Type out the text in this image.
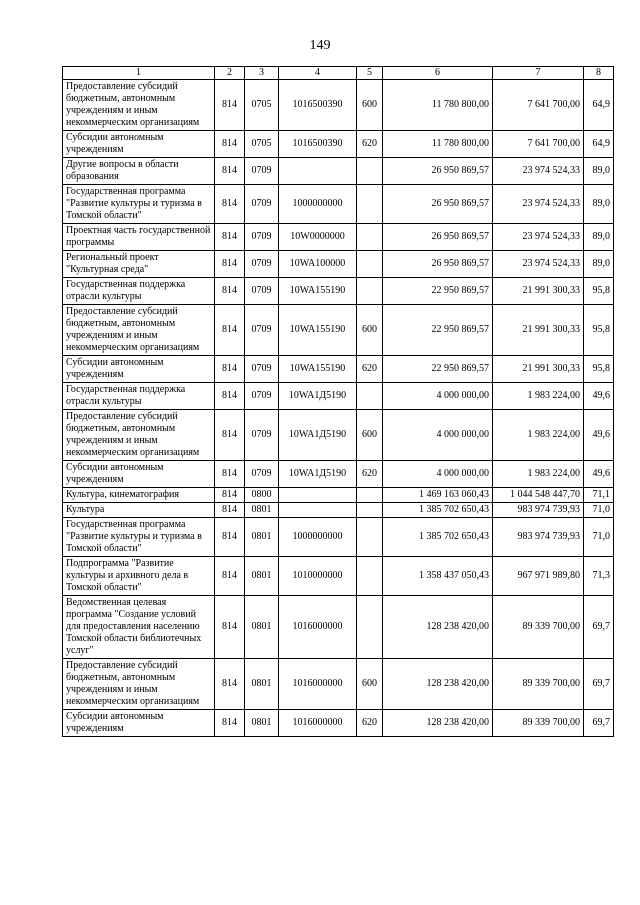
149
1	2	3	4	5	6	7	8
Предоставление субсидий бюджетным, автономным учреждениям и иным некоммерческим организациям	814	0705	1016500390	600	11 780 800,00	7 641 700,00	64,9
Субсидии автономным учреждениям	814	0705	1016500390	620	11 780 800,00	7 641 700,00	64,9
Другие вопросы в области образования	814	0709			26 950 869,57	23 974 524,33	89,0
Государственная программа "Развитие культуры и туризма в Томской области"	814	0709	1000000000		26 950 869,57	23 974 524,33	89,0
Проектная часть государственной программы	814	0709	10W0000000		26 950 869,57	23 974 524,33	89,0
Региональный проект "Культурная среда"	814	0709	10WA100000		26 950 869,57	23 974 524,33	89,0
Государственная поддержка отрасли культуры	814	0709	10WA155190		22 950 869,57	21 991 300,33	95,8
Предоставление субсидий бюджетным, автономным учреждениям и иным некоммерческим организациям	814	0709	10WA155190	600	22 950 869,57	21 991 300,33	95,8
Субсидии автономным учреждениям	814	0709	10WA155190	620	22 950 869,57	21 991 300,33	95,8
Государственная поддержка отрасли культуры	814	0709	10WA1Д5190		4 000 000,00	1 983 224,00	49,6
Предоставление субсидий бюджетным, автономным учреждениям и иным некоммерческим организациям	814	0709	10WA1Д5190	600	4 000 000,00	1 983 224,00	49,6
Субсидии автономным учреждениям	814	0709	10WA1Д5190	620	4 000 000,00	1 983 224,00	49,6
Культура, кинематография	814	0800			1 469 163 060,43	1 044 548 447,70	71,1
Культура	814	0801			1 385 702 650,43	983 974 739,93	71,0
Государственная программа "Развитие культуры и туризма в Томской области"	814	0801	1000000000		1 385 702 650,43	983 974 739,93	71,0
Подпрограмма "Развитие культуры и архивного дела в Томской области"	814	0801	1010000000		1 358 437 050,43	967 971 989,80	71,3
Ведомственная целевая программа "Создание условий для предоставления населению Томской области библиотечных услуг"	814	0801	1016000000		128 238 420,00	89 339 700,00	69,7
Предоставление субсидий бюджетным, автономным учреждениям и иным некоммерческим организациям	814	0801	1016000000	600	128 238 420,00	89 339 700,00	69,7
Субсидии автономным учреждениям	814	0801	1016000000	620	128 238 420,00	89 339 700,00	69,7
